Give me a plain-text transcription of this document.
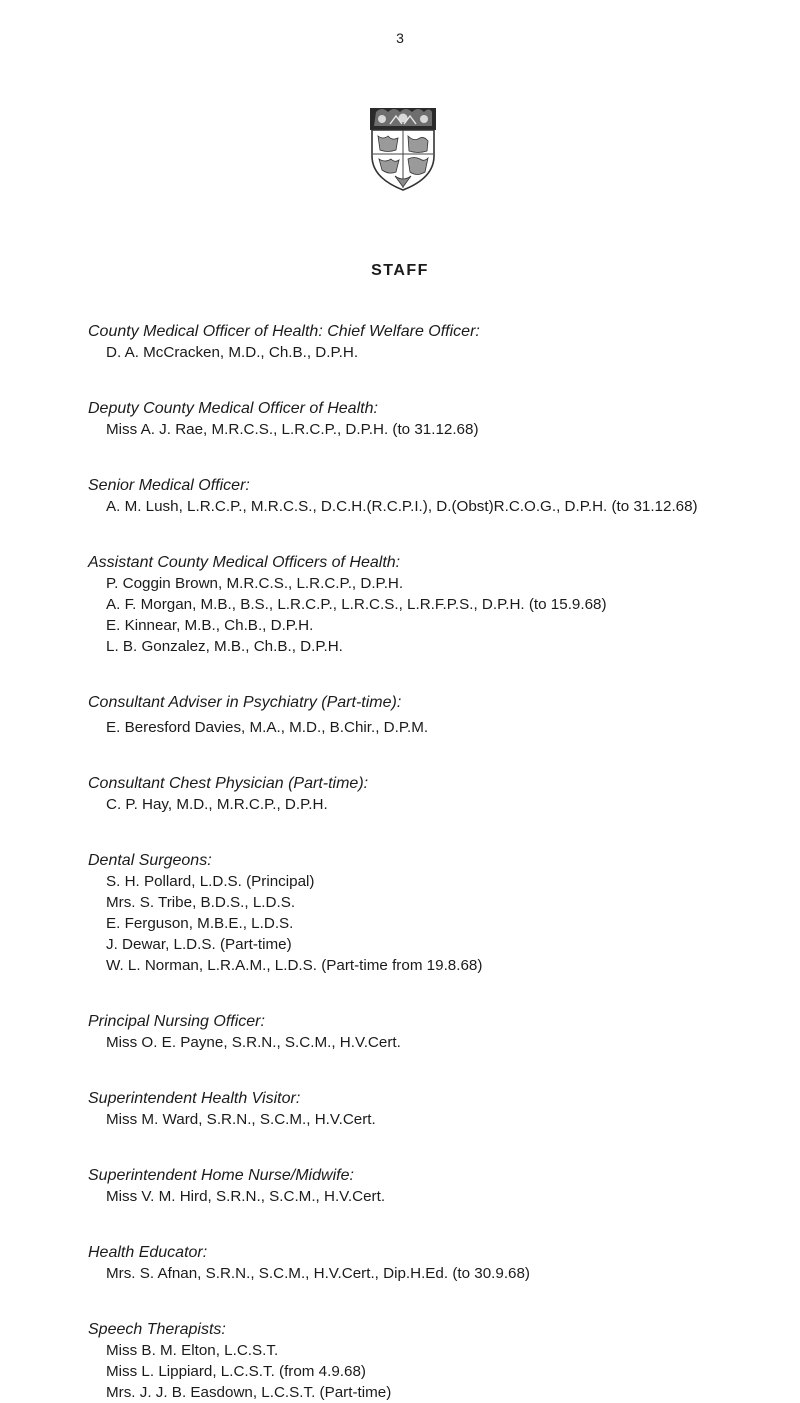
3
STAFF
County Medical Officer of Health: Chief Welfare Officer:
D. A. McCracken, M.D., Ch.B., D.P.H.
Deputy County Medical Officer of Health:
Miss A. J. Rae, M.R.C.S., L.R.C.P., D.P.H. (to 31.12.68)
Senior Medical Officer:
A. M. Lush, L.R.C.P., M.R.C.S., D.C.H.(R.C.P.I.), D.(Obst)R.C.O.G., D.P.H. (to 31.12.68)
Assistant County Medical Officers of Health:
P. Coggin Brown, M.R.C.S., L.R.C.P., D.P.H.
A. F. Morgan, M.B., B.S., L.R.C.P., L.R.C.S., L.R.F.P.S., D.P.H. (to 15.9.68)
E. Kinnear, M.B., Ch.B., D.P.H.
L. B. Gonzalez, M.B., Ch.B., D.P.H.
Consultant Adviser in Psychiatry (Part-time):
E. Beresford Davies, M.A., M.D., B.Chir., D.P.M.
Consultant Chest Physician (Part-time):
C. P. Hay, M.D., M.R.C.P., D.P.H.
Dental Surgeons:
S. H. Pollard, L.D.S. (Principal)
Mrs. S. Tribe, B.D.S., L.D.S.
E. Ferguson, M.B.E., L.D.S.
J. Dewar, L.D.S. (Part-time)
W. L. Norman, L.R.A.M., L.D.S. (Part-time from 19.8.68)
Principal Nursing Officer:
Miss O. E. Payne, S.R.N., S.C.M., H.V.Cert.
Superintendent Health Visitor:
Miss M. Ward, S.R.N., S.C.M., H.V.Cert.
Superintendent Home Nurse/Midwife:
Miss V. M. Hird, S.R.N., S.C.M., H.V.Cert.
Health Educator:
Mrs. S. Afnan, S.R.N., S.C.M., H.V.Cert., Dip.H.Ed. (to 30.9.68)
Speech Therapists:
Miss B. M. Elton, L.C.S.T.
Miss L. Lippiard, L.C.S.T. (from 4.9.68)
Mrs. J. J. B. Easdown, L.C.S.T. (Part-time)
